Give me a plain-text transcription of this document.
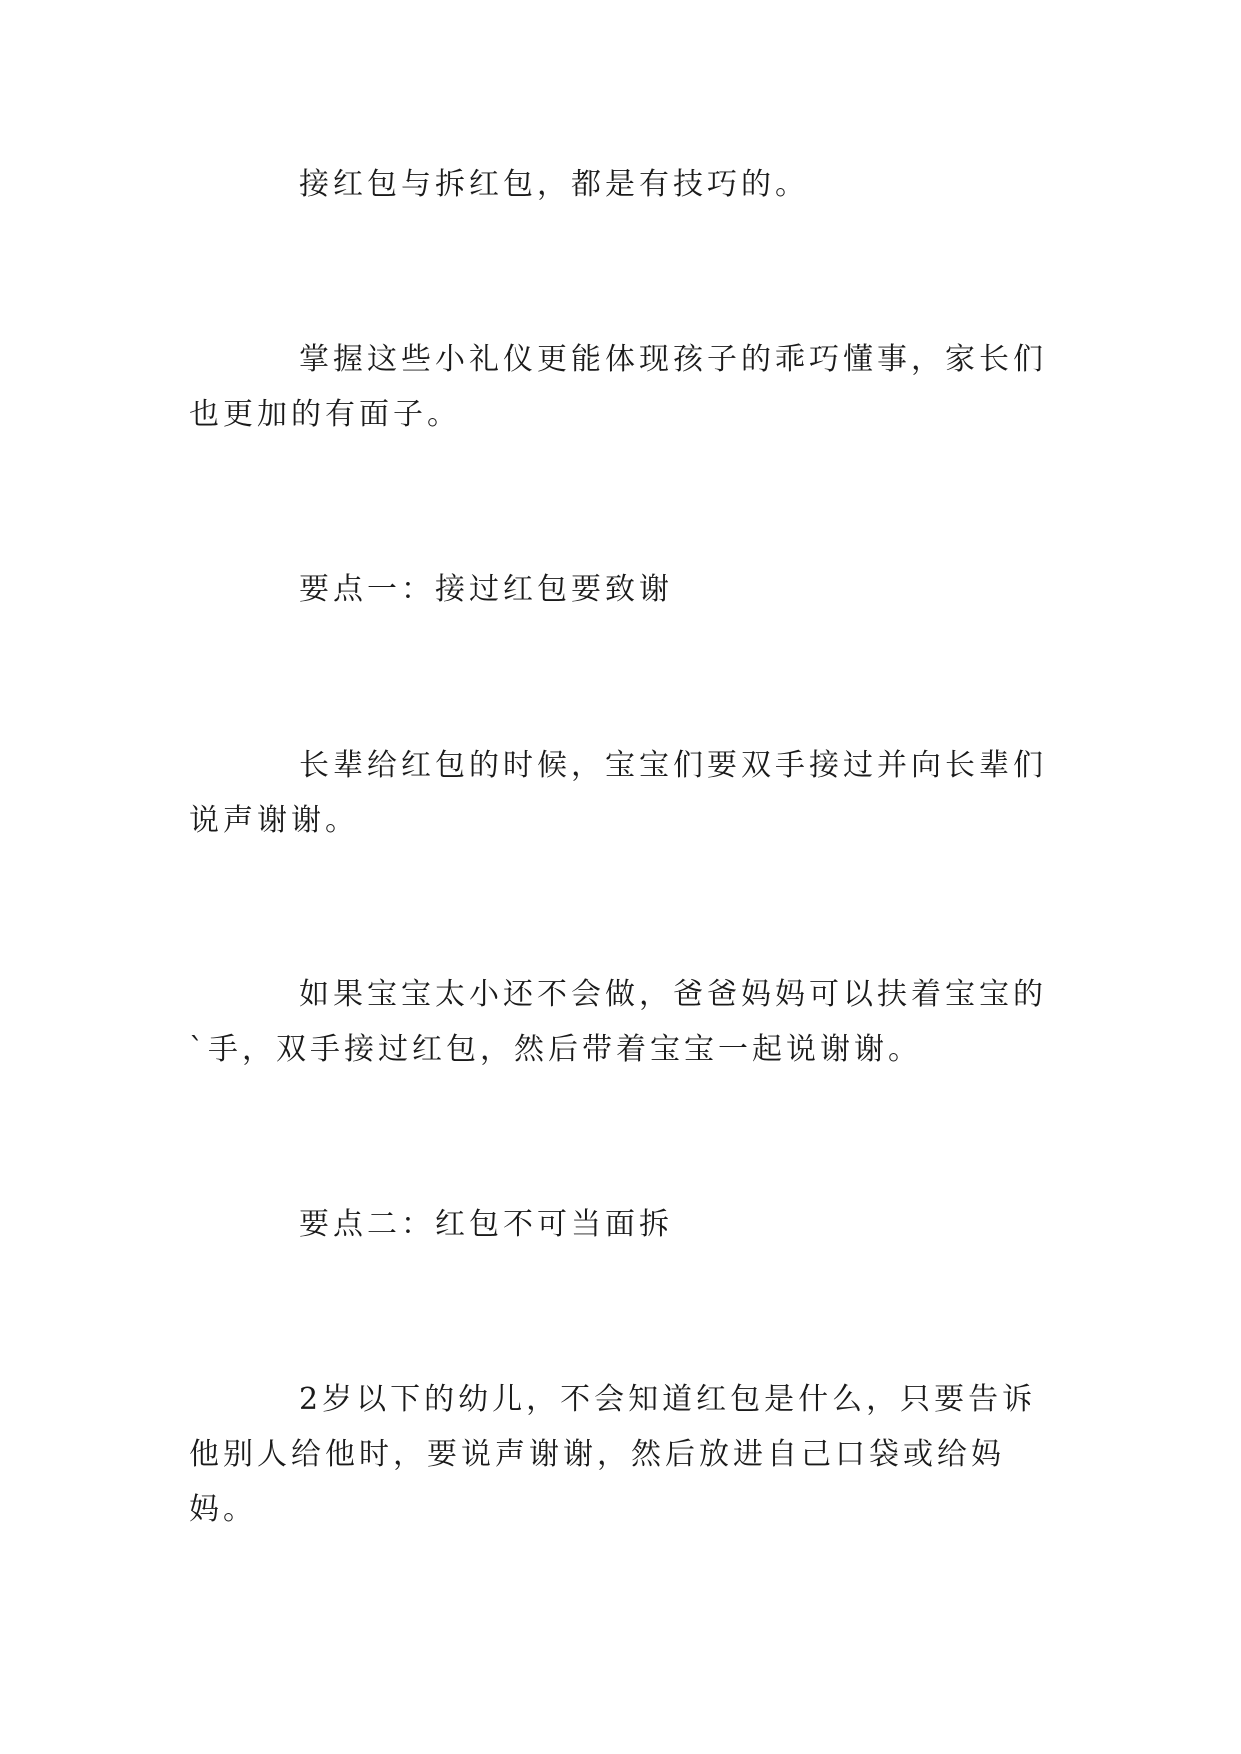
接红包与拆红包，都是有技巧的。

掌握这些小礼仪更能体现孩子的乖巧懂事，家长们也更加的有面子。

要点一：接过红包要致谢

长辈给红包的时候，宝宝们要双手接过并向长辈们说声谢谢。

如果宝宝太小还不会做，爸爸妈妈可以扶着宝宝的`手，双手接过红包，然后带着宝宝一起说谢谢。

要点二：红包不可当面拆

2岁以下的幼儿，不会知道红包是什么，只要告诉他别人给他时，要说声谢谢，然后放进自己口袋或给妈妈。
